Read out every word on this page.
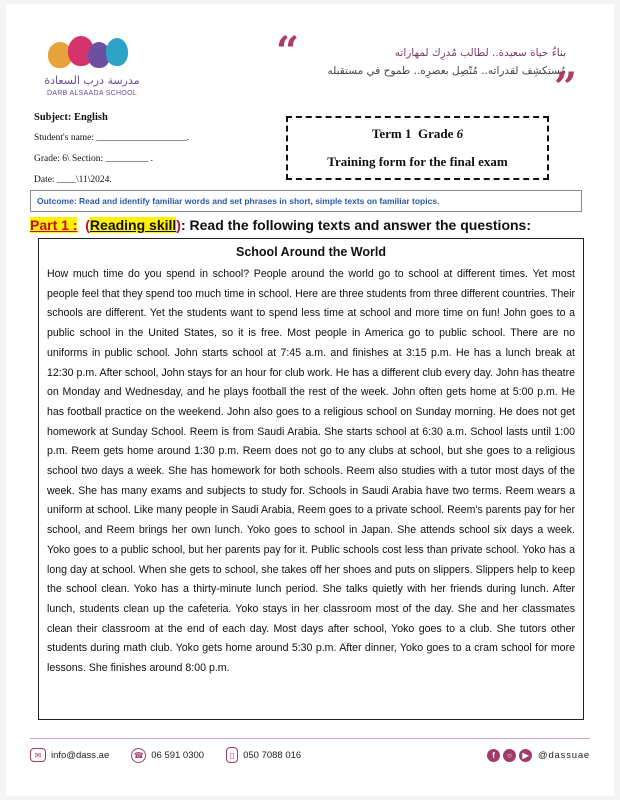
مدرسة درب السعادة
DARB ALSAADA SCHOOL
“	بناءُ حياة سعيدة.. لطالب مُدرِك لمهاراته
مُستكشِف لقدراته.. مُتّصِل بعصرِه.. طموح في مستقبله
”
Subject: English
Student's name: ___________________.
Grade: 6\ Section: _________ .
Date: ____\11\2024.
Term 1 Grade 6
Training form for the final exam
Outcome: Read and identify familiar words and set phrases in short, simple texts on familiar topics.
Part 1 :  (Reading skill): Read the following texts and answer the questions:
School Around the World

How much time do you spend in school? People around the world go to school at different times. Yet most people feel that they spend too much time in school. Here are three students from three different countries. Their schools are different. Yet the students want to spend less time at school and more time on fun! John goes to a public school in the United States, so it is free. Most people in America go to public school. There are no uniforms in public school. John starts school at 7:45 a.m. and finishes at 3:15 p.m. He has a lunch break at 12:30 p.m. After school, John stays for an hour for club work. He has a different club every day. John has theatre on Monday and Wednesday, and he plays football the rest of the week. John often gets home at 5:00 p.m. He has football practice on the weekend. John also goes to a religious school on Sunday morning. He does not get homework at Sunday School. Reem is from Saudi Arabia. She starts school at 6:30 a.m. School lasts until 1:00 p.m. Reem gets home around 1:30 p.m. Reem does not go to any clubs at school, but she goes to a religious school two days a week. She has homework for both schools. Reem also studies with a tutor most days of the week. She has many exams and subjects to study for. Schools in Saudi Arabia have two terms. Reem wears a uniform at school. Like many people in Saudi Arabia, Reem goes to a private school. Reem's parents pay for her school, and Reem brings her own lunch. Yoko goes to school in Japan. She attends school six days a week. Yoko goes to a public school, but her parents pay for it. Public schools cost less than private school. Yoko has a long day at school. When she gets to school, she takes off her shoes and puts on slippers. Slippers help to keep the school clean. Yoko has a thirty-minute lunch period. She talks quietly with her friends during lunch. After lunch, students clean up the cafeteria. Yoko stays in her classroom most of the day. She and her classmates clean their classroom at the end of each day. Most days after school, Yoko goes to a club. She tutors other students during math club. Yoko gets home around 5:30 p.m. After dinner, Yoko goes to a cram school for more lessons. She finishes around 8:00 p.m.

✉	info@dass.ae	☎ 06 591 0300	▯ 050 7088 016	f	○	▶ @dassuae
